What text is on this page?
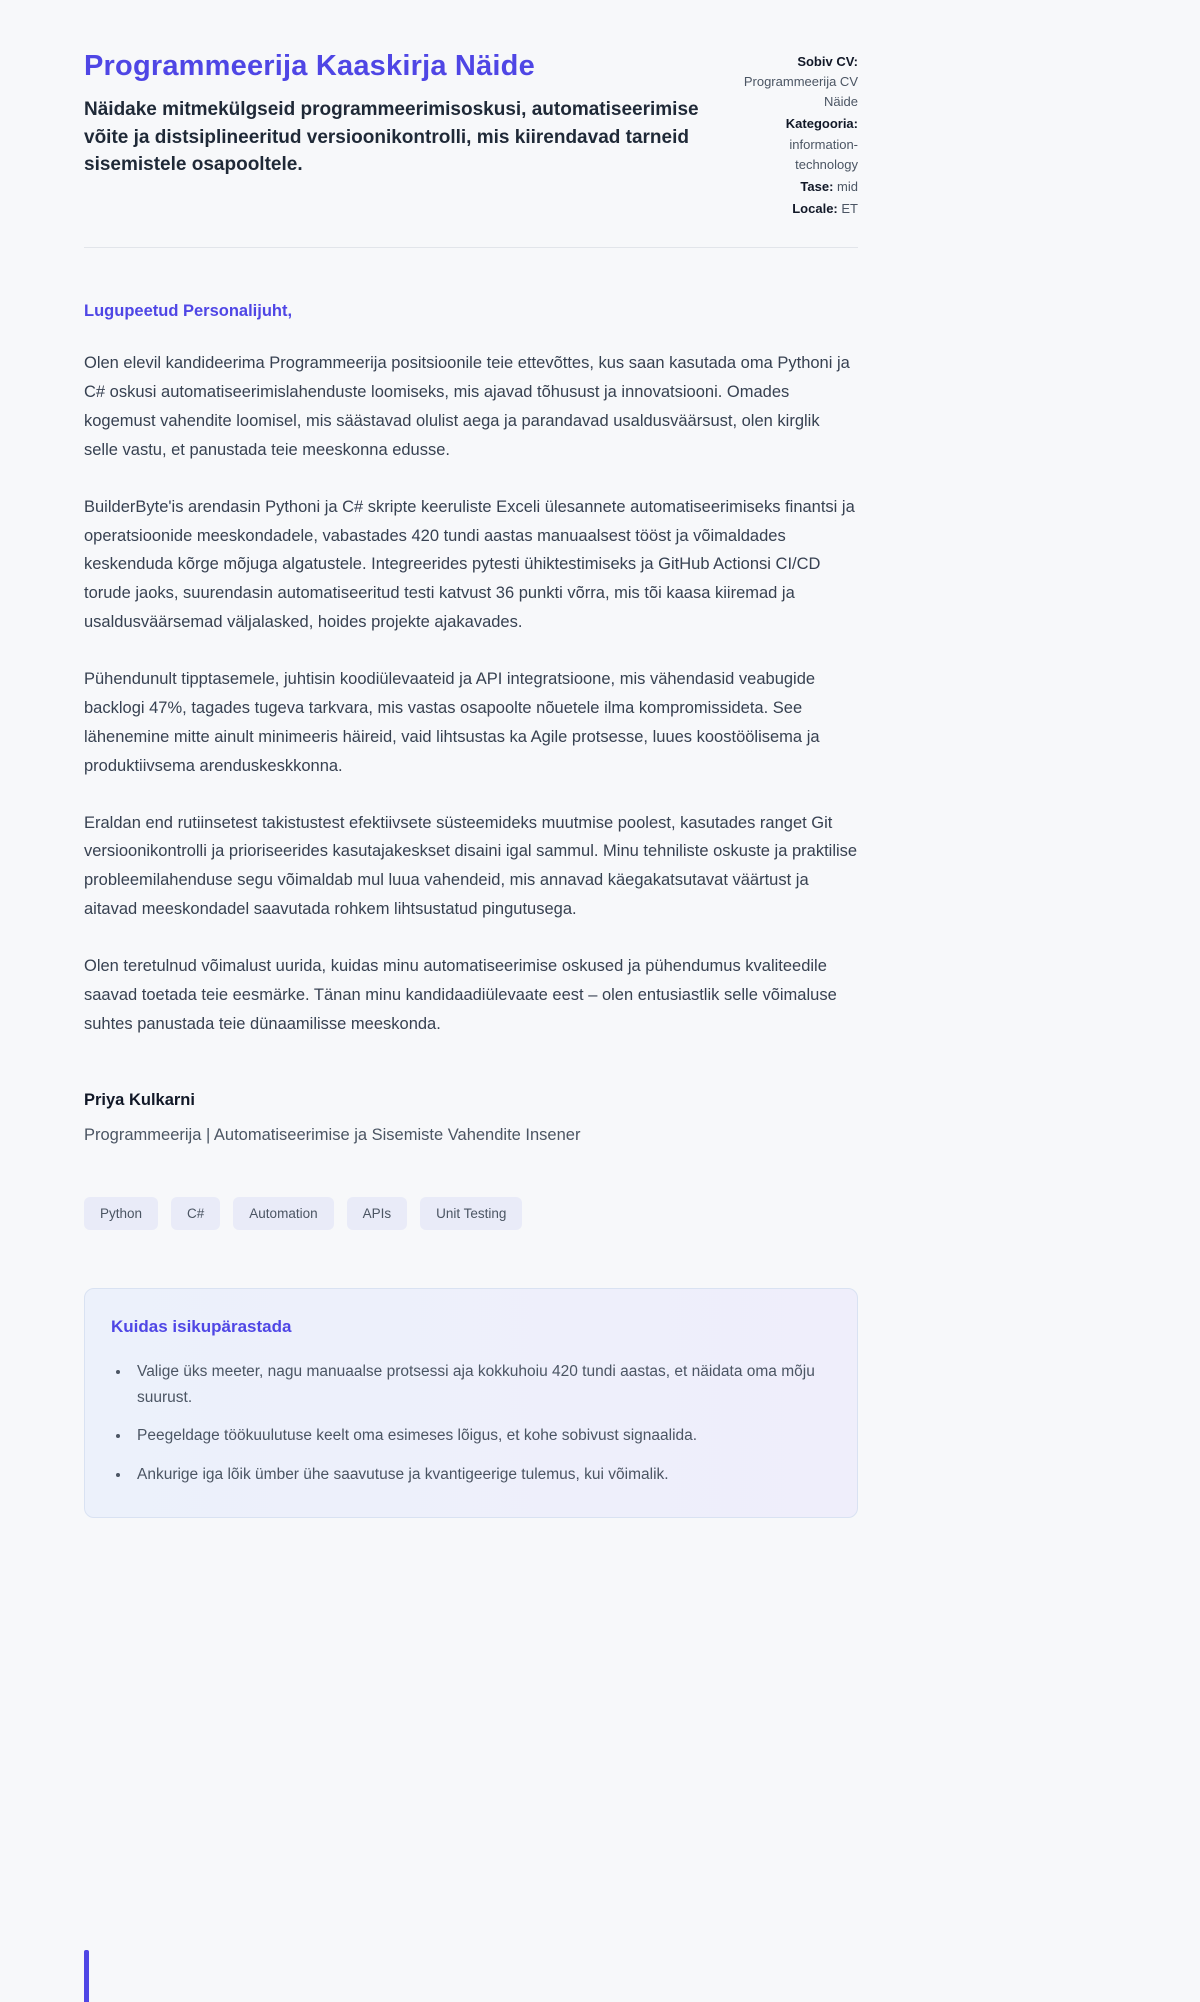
Programmeerija Kaaskirja Näide
Näidake mitmekülgseid programmeerimisoskusi, automatiseerimise võite ja distsiplineeritud versioonikontrolli, mis kiirendavad tarneid sisemistele osapooltele.
Sobiv CV: Programmeerija CV Näide
Kategooria: information-technology
Tase: mid
Locale: ET

Lugupeetud Personalijuht,

Olen elevil kandideerima Programmeerija positsioonile teie ettevõttes, kus saan kasutada oma Pythoni ja C# oskusi automatiseerimislahenduste loomiseks, mis ajavad tõhusust ja innovatsiooni. Omades kogemust vahendite loomisel, mis säästavad olulist aega ja parandavad usaldusväärsust, olen kirglik selle vastu, et panustada teie meeskonna edusse.

BuilderByte'is arendasin Pythoni ja C# skripte keeruliste Exceli ülesannete automatiseerimiseks finantsi ja operatsioonide meeskondadele, vabastades 420 tundi aastas manuaalsest tööst ja võimaldades keskenduda kõrge mõjuga algatustele. Integreerides pytesti ühiktestimiseks ja GitHub Actionsi CI/CD torude jaoks, suurendasin automatiseeritud testi katvust 36 punkti võrra, mis tõi kaasa kiiremad ja usaldusväärsemad väljalasked, hoides projekte ajakavades.

Pühendunult tipptasemele, juhtisin koodiülevaateid ja API integratsioone, mis vähendasid veabugide backlogi 47%, tagades tugeva tarkvara, mis vastas osapoolte nõuetele ilma kompromissideta. See lähenemine mitte ainult minimeeris häireid, vaid lihtsustas ka Agile protsesse, luues koostöölisema ja produktiivsema arenduskeskkonna.

Eraldan end rutiinsetest takistustest efektiivsete süsteemideks muutmise poolest, kasutades ranget Git versioonikontrolli ja prioriseerides kasutajakeskset disaini igal sammul. Minu tehniliste oskuste ja praktilise probleemilahenduse segu võimaldab mul luua vahendeid, mis annavad käegakatsutavat väärtust ja aitavad meeskondadel saavutada rohkem lihtsustatud pingutusega.

Olen teretulnud võimalust uurida, kuidas minu automatiseerimise oskused ja pühendumus kvaliteedile saavad toetada teie eesmärke. Tänan minu kandidaadiülevaate eest – olen entusiastlik selle võimaluse suhtes panustada teie dünaamilisse meeskonda.

Priya Kulkarni

Programmeerija | Automatiseerimise ja Sisemiste Vahendite Insener

Python	C#	Automation	APIs	Unit Testing
Kuidas isikupärastada
• Valige üks meeter, nagu manuaalse protsessi aja kokkuhoiu 420 tundi aastas, et näidata oma mõju suurust.
• Peegeldage töökuulutuse keelt oma esimeses lõigus, et kohe sobivust signaalida.
• Ankurige iga lõik ümber ühe saavutuse ja kvantigeerige tulemus, kui võimalik.
